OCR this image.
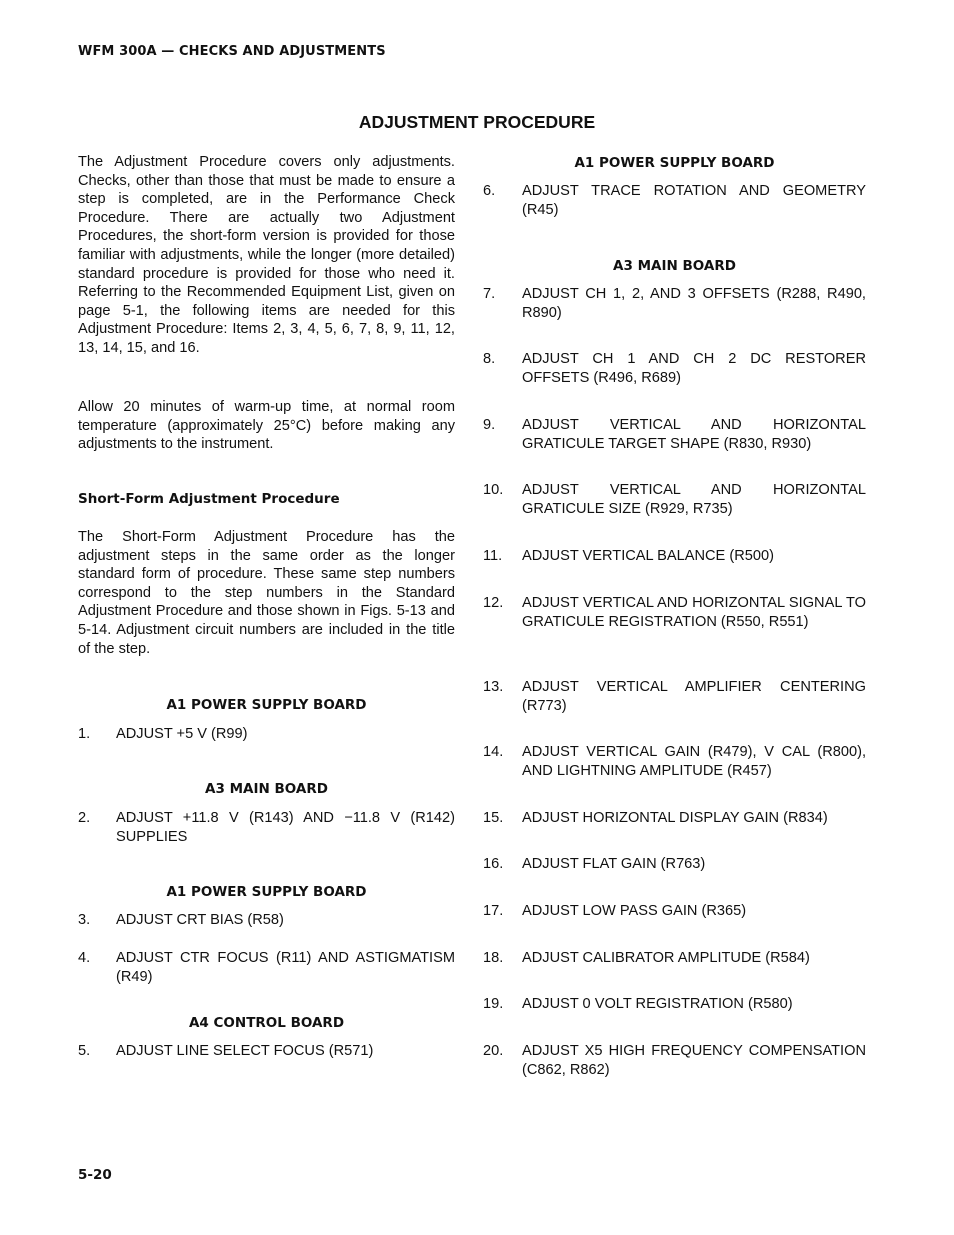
WFM 300A — CHECKS AND ADJUSTMENTS
ADJUSTMENT PROCEDURE

The Adjustment Procedure covers only adjustments. Checks, other than those that must be made to ensure a step is completed, are in the Performance Check Procedure. There are actually two Adjustment Procedures, the short-form version is provided for those familiar with adjustments, while the longer (more detailed) standard procedure is provided for those who need it. Referring to the Recommended Equipment List, given on page 5-1, the following items are needed for this Adjustment Procedure: Items 2, 3, 4, 5, 6, 7, 8, 9, 11, 12, 13, 14, 15, and 16.

Allow 20 minutes of warm-up time, at normal room temperature (approximately 25°C) before making any adjustments to the instrument.

Short-Form Adjustment Procedure

The Short-Form Adjustment Procedure has the adjustment steps in the same order as the longer standard form of procedure. These same step numbers correspond to the step numbers in the Standard Adjustment Procedure and those shown in Figs. 5-13 and 5-14. Adjustment circuit numbers are included in the title of the step.

A1 POWER SUPPLY BOARD
1. ADJUST +5 V (R99)
A3 MAIN BOARD
2. ADJUST +11.8 V (R143) AND −11.8 V (R142) SUPPLIES
A1 POWER SUPPLY BOARD
3. ADJUST CRT BIAS (R58)
4. ADJUST CTR FOCUS (R11) AND ASTIGMATISM (R49)
A4 CONTROL BOARD
5. ADJUST LINE SELECT FOCUS (R571)
A1 POWER SUPPLY BOARD
6. ADJUST TRACE ROTATION AND GEOMETRY (R45)
A3 MAIN BOARD
7. ADJUST CH 1, 2, AND 3 OFFSETS (R288, R490, R890)
8. ADJUST CH 1 AND CH 2 DC RESTORER OFFSETS (R496, R689)
9. ADJUST VERTICAL AND HORIZONTAL GRATICULE TARGET SHAPE (R830, R930)
10. ADJUST VERTICAL AND HORIZONTAL GRATICULE SIZE (R929, R735)
11. ADJUST VERTICAL BALANCE (R500)
12. ADJUST VERTICAL AND HORIZONTAL SIGNAL TO GRATICULE REGISTRATION (R550, R551)
13. ADJUST VERTICAL AMPLIFIER CENTERING (R773)
14. ADJUST VERTICAL GAIN (R479), V CAL (R800), AND LIGHTNING AMPLITUDE (R457)
15. ADJUST HORIZONTAL DISPLAY GAIN (R834)
16. ADJUST FLAT GAIN (R763)
17. ADJUST LOW PASS GAIN (R365)
18. ADJUST CALIBRATOR AMPLITUDE (R584)
19. ADJUST 0 VOLT REGISTRATION (R580)
20. ADJUST X5 HIGH FREQUENCY COMPENSATION (C862, R862)
5-20
